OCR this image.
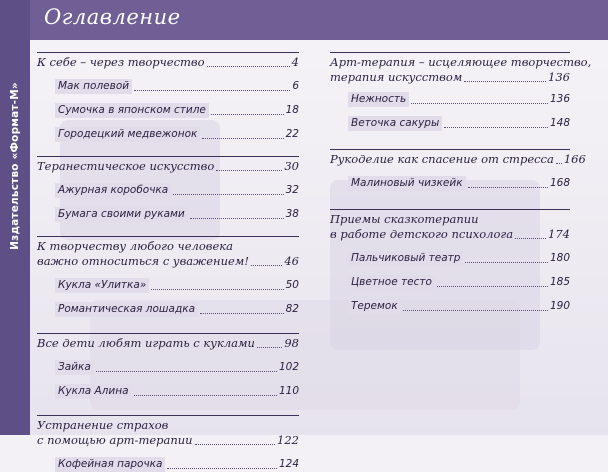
Издательство «Формат-М»
Оглавление
К себе – через творчество	4
Мак полевой	6
Сумочка в японском стиле	18
Городецкий медвежонок	22
Теранестическое искусство	30
Ажурная коробочка	32
Бумага своими руками	38
К творчеству любого человека
важно относиться с уважением!	46
Кукла «Улитка»	50
Романтическая лошадка	82
Все дети любят играть с куклами	98
Зайка	102
Кукла Алина	110
Устранение страхов
с помощью арт-терапии	122
Кофейная парочка	124
Арт-терапия – исцеляющее творчество,
терапия искусством	136
Нежность	136
Веточка сакуры	148
Рукоделие как спасение от стресса 166
Малиновый чизкейк	168
Приемы сказкотерапии
в работе детского психолога	174
Пальчиковый театр	180
Цветное тесто	185
Теремок	190
